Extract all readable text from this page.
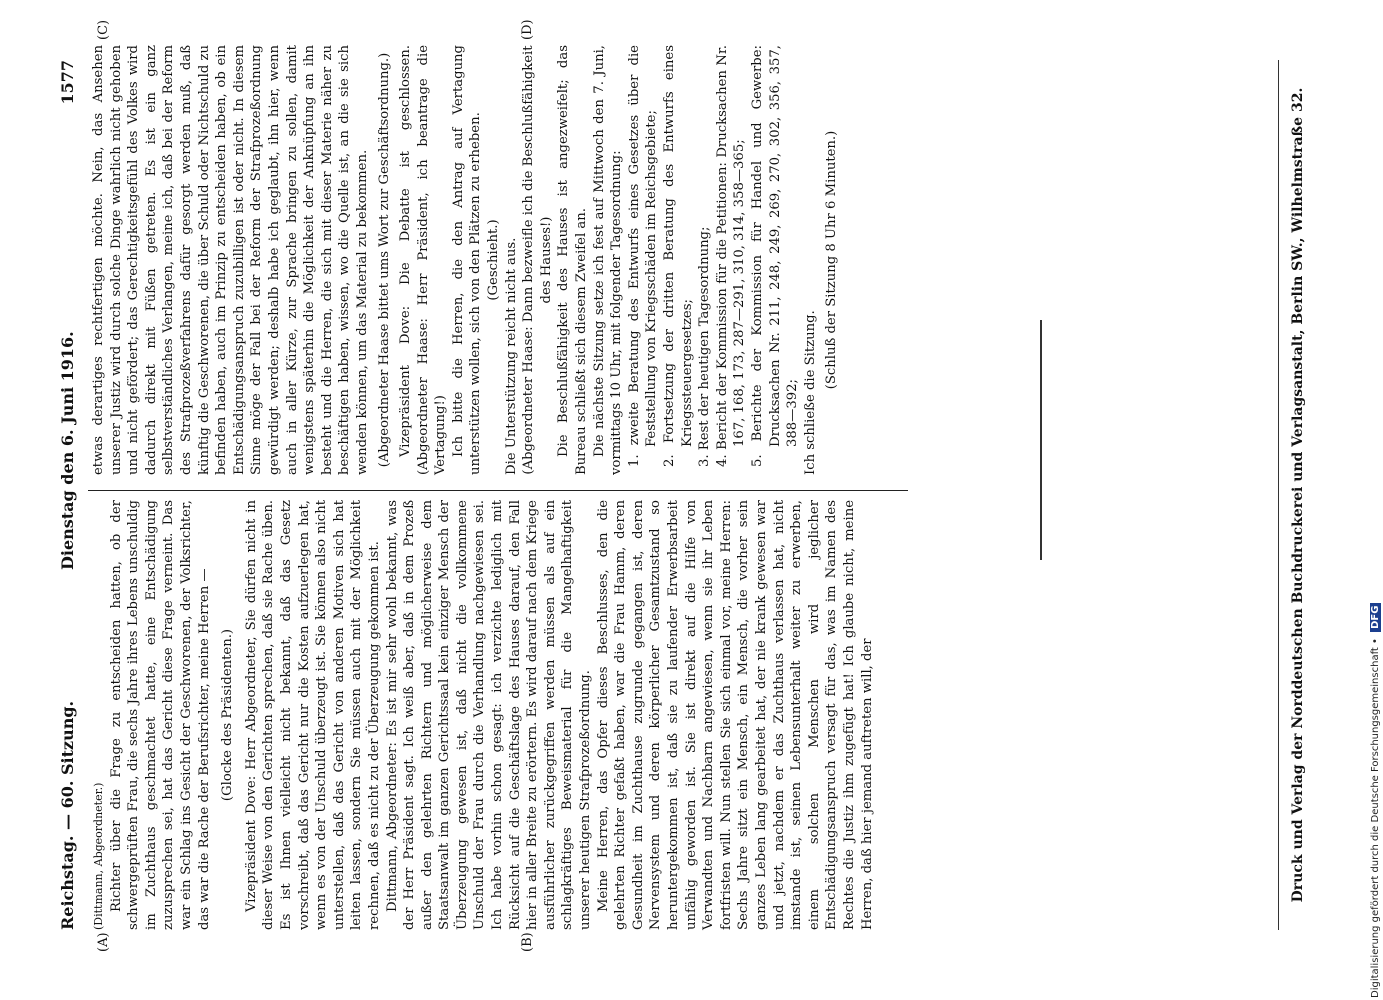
Reichstag. — 60. Sitzung.
Dienstag den 6. Juni 1916.
1577
(A)	(B)
(C)	(D)

(Dittmann, Abgeordneter.) Richter über die Frage zu entscheiden hatten, ob der schwergeprüften Frau, die sechs Jahre ihres Lebens unschuldig im Zuchthaus geschmachtet hatte, eine Entschädigung zuzusprechen sei, hat das Gericht diese Frage verneint. Das war ein Schlag ins Gesicht der Geschworenen, der Volksrichter, das war die Rache der Berufsrichter, meine Herren — (Glocke des Präsidenten.) Vizepräsident Dove: Herr Abgeordneter, Sie dürfen nicht in dieser Weise von den Gerichten sprechen, daß sie Rache üben. Es ist Ihnen vielleicht nicht bekannt, daß das Gesetz vorschreibt, daß das Gericht nur die Kosten aufzuerlegen hat, wenn es von der Unschuld überzeugt ist. Sie können also nicht unterstellen, daß das Gericht von anderen Motiven sich hat leiten lassen, sondern Sie müssen auch mit der Möglichkeit rechnen, daß es nicht zu der Überzeugung gekommen ist. Dittmann, Abgeordneter: Es ist mir sehr wohl bekannt, was der Herr Präsident sagt. Ich weiß aber, daß in dem Prozeß außer den gelehrten Richtern und möglicherweise dem Staatsanwalt im ganzen Gerichtssaal kein einziger Mensch der Überzeugung gewesen ist, daß nicht die vollkommene Unschuld der Frau durch die Verhandlung nachgewiesen sei. Ich habe vorhin schon gesagt: ich verzichte lediglich mit Rücksicht auf die Geschäftslage des Hauses darauf, den Fall hier in aller Breite zu erörtern. Es wird darauf nach dem Kriege ausführlicher zurückgegriffen werden müssen als auf ein schlagkräftiges Beweismaterial für die Mangelhaftigkeit unserer heutigen Strafprozeßordnung. Meine Herren, das Opfer dieses Beschlusses, den die gelehrten Richter gefaßt haben, war die Frau Hamm, deren Gesundheit im Zuchthause zugrunde gegangen ist, deren Nervensystem und deren körperlicher Gesamtzustand so heruntergekommen ist, daß sie zu laufender Erwerbsarbeit unfähig geworden ist. Sie ist direkt auf die Hilfe von Verwandten und Nachbarn angewiesen, wenn sie ihr Leben fortfristen will. Nun stellen Sie sich einmal vor, meine Herren: Sechs Jahre sitzt ein Mensch, ein Mensch, die vorher sein ganzes Leben lang gearbeitet hat, der nie krank gewesen war und jetzt, nachdem er das Zuchthaus verlassen hat, nicht imstande ist, seinen Lebensunterhalt weiter zu erwerben, einem solchen Menschen wird jeglicher Entschädigungsanspruch versagt für das, was im Namen des Rechtes die Justiz ihm zugefügt hat! Ich glaube nicht, meine Herren, daß hier jemand auftreten will, der

etwas derartiges rechtfertigen möchte. Nein, das Ansehen unserer Justiz wird durch solche Dinge wahrlich nicht gehoben und nicht gefördert; das Gerechtigkeitsgefühl des Volkes wird dadurch direkt mit Füßen getreten. Es ist ein ganz selbstverständliches Verlangen, meine ich, daß bei der Reform des Strafprozeßverfahrens dafür gesorgt werden muß, daß künftig die Geschworenen, die über Schuld oder Nichtschuld zu befinden haben, auch im Prinzip zu entscheiden haben, ob ein Entschädigungsanspruch zuzubilligen ist oder nicht. In diesem Sinne möge der Fall bei der Reform der Strafprozeßordnung gewürdigt werden; deshalb habe ich geglaubt, ihn hier, wenn auch in aller Kürze, zur Sprache bringen zu sollen, damit wenigstens späterhin die Möglichkeit der Anknüpfung an ihn besteht und die Herren, die sich mit dieser Materie näher zu beschäftigen haben, wissen, wo die Quelle ist, an die sie sich wenden können, um das Material zu bekommen. (Abgeordneter Haase bittet ums Wort zur Geschäftsordnung.) Vizepräsident Dove: Die Debatte ist geschlossen. (Abgeordneter Haase: Herr Präsident, ich beantrage die Vertagung!) Ich bitte die Herren, die den Antrag auf Vertagung unterstützen wollen, sich von den Plätzen zu erheben. (Geschieht.) Die Unterstützung reicht nicht aus. (Abgeordneter Haase: Dann bezweifle ich die Beschlußfähigkeit des Hauses!) Die Beschlußfähigkeit des Hauses ist angezweifelt; das Bureau schließt sich diesem Zweifel an. Die nächste Sitzung setze ich fest auf Mittwoch den 7. Juni, vormittags 10 Uhr, mit folgender Tagesordnung: 1. zweite Beratung des Entwurfs eines Gesetzes über die Feststellung von Kriegsschäden im Reichsgebiete; 2. Fortsetzung der dritten Beratung des Entwurfs eines Kriegssteuergesetzes; 3. Rest der heutigen Tagesordnung; 4. Bericht der Kommission für die Petitionen: Drucksachen Nr. 167, 168, 173, 287—291, 310, 314, 358—365; 5. Berichte der Kommission für Handel und Gewerbe: Drucksachen Nr. 211, 248, 249, 269, 270, 302, 356, 357, 388—392; Ich schließe die Sitzung.

(Schluß der Sitzung 8 Uhr 6 Minuten.)	Druck und Verlag der Norddeutschen Buchdruckerei und Verlagsanstalt, Berlin SW., Wilhelmstraße 32.	Digitalisierung gefördert durch die Deutsche Forschungsgemeinschaft • DFG
